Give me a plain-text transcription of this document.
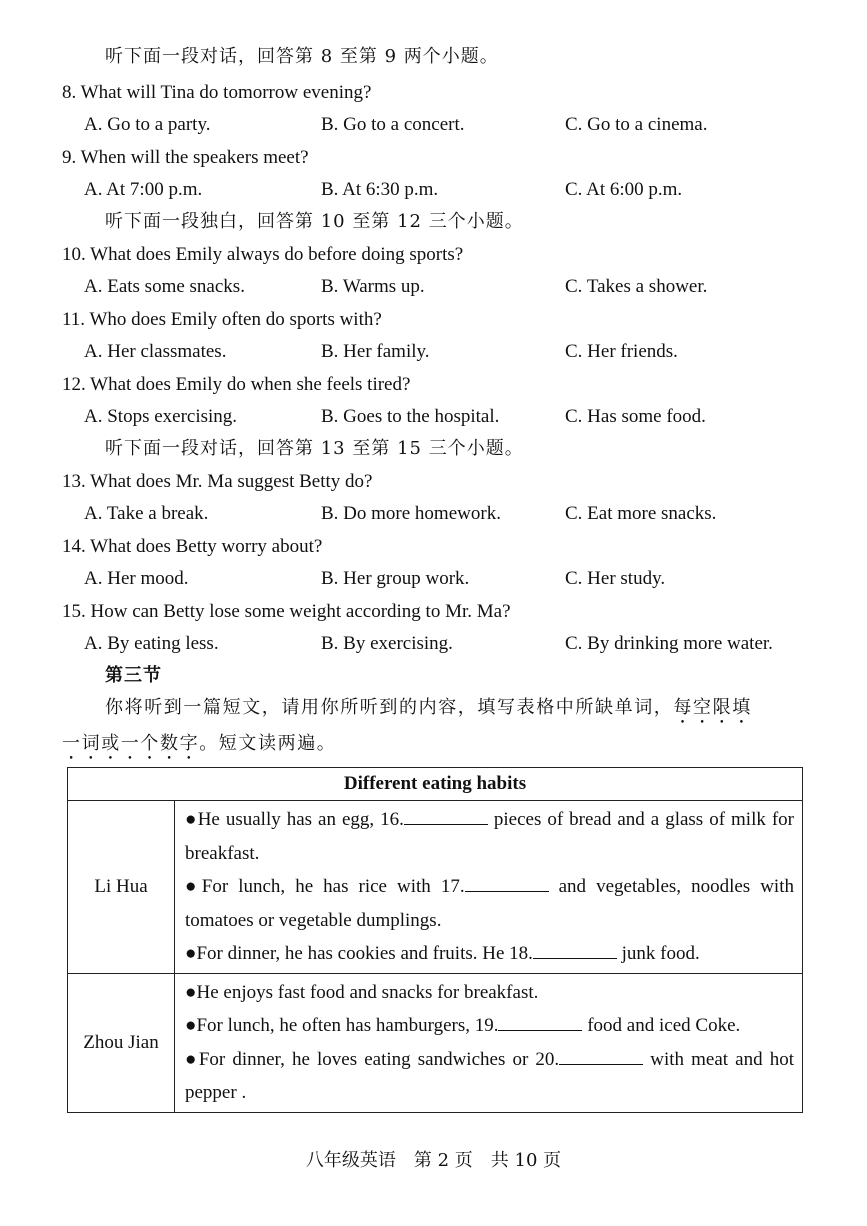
听下面一段对话，回答第 8 至第 9 两个小题。
8. What will Tina do tomorrow evening?
A. Go to a party.	B. Go to a concert.	C. Go to a cinema.
9. When will the speakers meet?
A. At 7:00 p.m.	B. At 6:30 p.m.	C. At 6:00 p.m.
听下面一段独白，回答第 10 至第 12 三个小题。
10. What does Emily always do before doing sports?
A. Eats some snacks.	B. Warms up.	C. Takes a shower.
11. Who does Emily often do sports with?
A. Her classmates.	B. Her family.	C. Her friends.
12. What does Emily do when she feels tired?
A. Stops exercising.	B. Goes to the hospital.	C. Has some food.
听下面一段对话，回答第 13 至第 15 三个小题。
13. What does Mr. Ma suggest Betty do?
A. Take a break.	B. Do more homework.	C. Eat more snacks.
14. What does Betty worry about?
A. Her mood.	B. Her group work.	C. Her study.
15. How can Betty lose some weight according to Mr. Ma?
A. By eating less.	B. By exercising.	C. By drinking more water.
第三节
你将听到一篇短文，请用你所听到的内容，填写表格中所缺单词，每空限填
一词或一个数字。短文读两遍。
Different eating habits	
Li Hua	●He usually has an egg, 16. pieces of bread and a glass of milk for breakfast.
●For lunch, he has rice with 17. and vegetables, noodles with tomatoes or vegetable dumplings.
●For dinner, he has cookies and fruits. He 18. junk food.
Zhou Jian	●He enjoys fast food and snacks for breakfast.
●For lunch, he often has hamburgers, 19. food and iced Coke.
●For dinner, he loves eating sandwiches or 20. with meat and hot pepper .
八年级英语　第 2 页　共 10 页
